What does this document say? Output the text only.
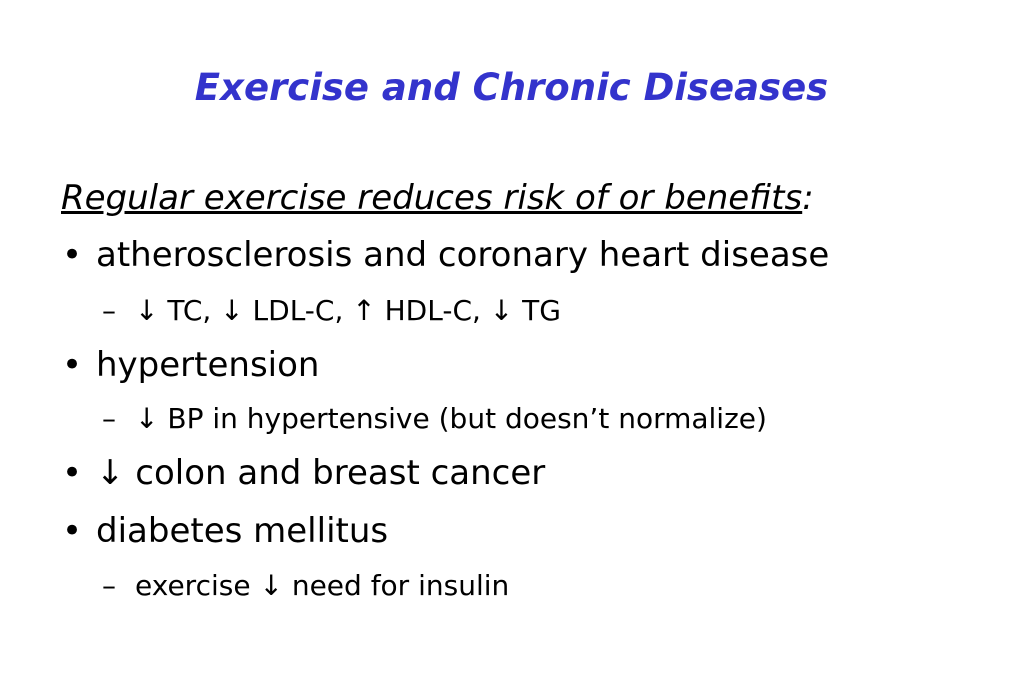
Exercise and Chronic Diseases
Regular exercise reduces risk of or benefits:
• atherosclerosis and coronary heart disease
– ↓ TC, ↓ LDL-C, ↑ HDL-C, ↓ TG
• hypertension
– ↓ BP in hypertensive (but doesn’t normalize)
• ↓ colon and breast cancer
• diabetes mellitus
– exercise ↓ need for insulin
